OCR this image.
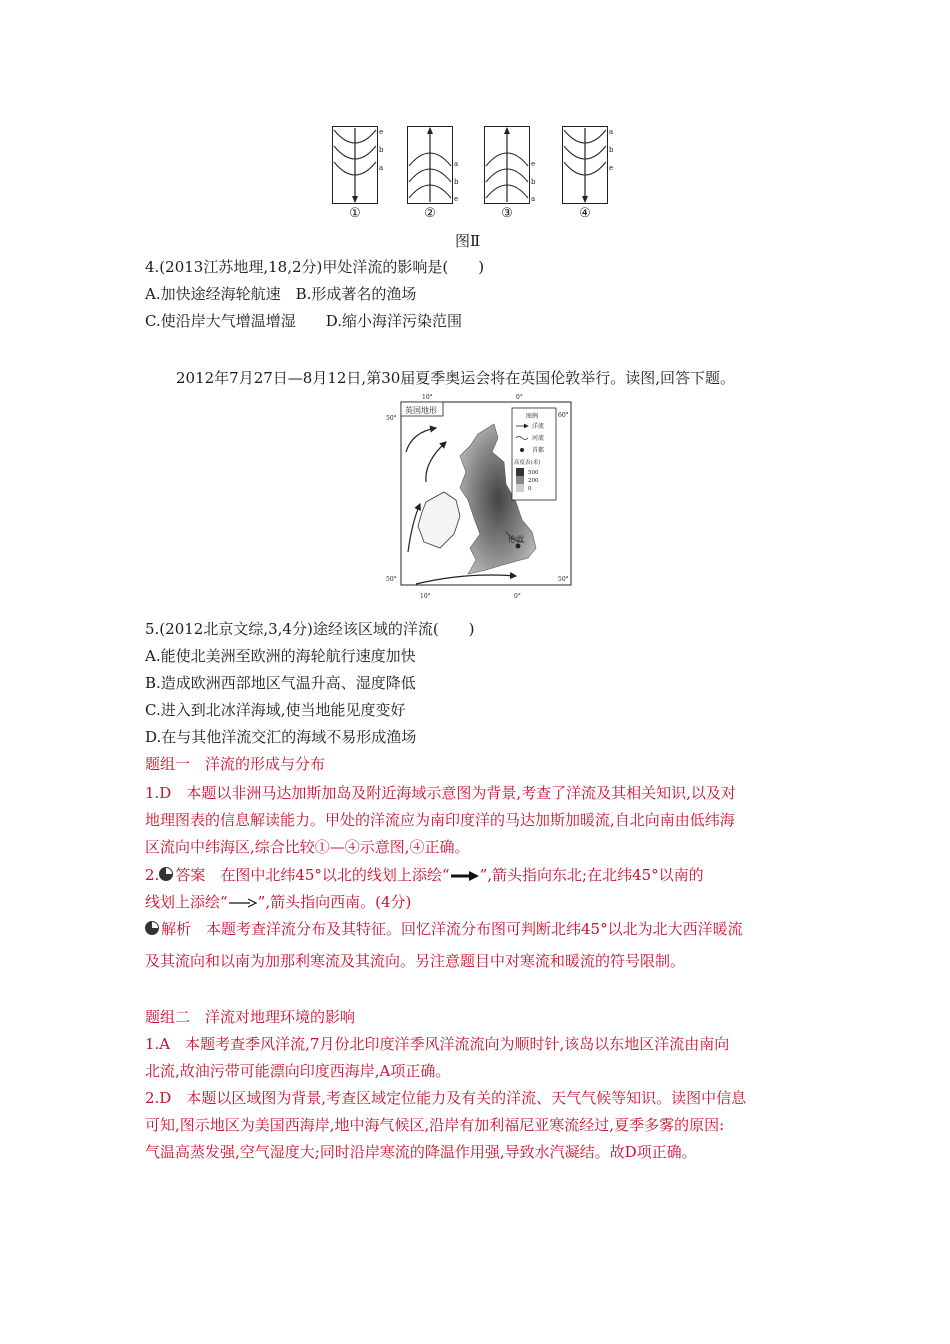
e
b
a
①
a
b
e
②
e
b
a
③
a
b
e
④
图Ⅱ
4.(2013江苏地理,18,2分)甲处洋流的影响是(　　)
A.加快途经海轮航速　B.形成著名的渔场
C.使沿岸大气增温增湿　　D.缩小海洋污染范围
2012年7月27日—8月12日,第30届夏季奥运会将在英国伦敦举行。读图,回答下题。
伦敦
英国地形
图例
洋流
河流
首都
高度表(米)
500
200
0
60°
50°
50°	50°
10°	0°
10°	0°
5.(2012北京文综,3,4分)途经该区域的洋流(　　)
A.能使北美洲至欧洲的海轮航行速度加快
B.造成欧洲西部地区气温升高、湿度降低
C.进入到北冰洋海域,使当地能见度变好
D.在与其他洋流交汇的海域不易形成渔场
题组一　洋流的形成与分布
1.D　本题以非洲马达加斯加岛及附近海域示意图为背景,考查了洋流及其相关知识,以及对
地理图表的信息解读能力。甲处的洋流应为南印度洋的马达加斯加暖流,自北向南由低纬海
区流向中纬海区,综合比较①—④示意图,④正确。
2. 答案　在图中北纬45°以北的线划上添绘“ ”,箭头指向东北;在北纬45°以南的
线划上添绘“ ”,箭头指向西南。(4分)
解析　本题考查洋流分布及其特征。回忆洋流分布图可判断北纬45°以北为北大西洋暖流
及其流向和以南为加那利寒流及其流向。另注意题目中对寒流和暖流的符号限制。
题组二　洋流对地理环境的影响
1.A　本题考查季风洋流,7月份北印度洋季风洋流流向为顺时针,该岛以东地区洋流由南向
北流,故油污带可能漂向印度西海岸,A项正确。
2.D　本题以区域图为背景,考查区域定位能力及有关的洋流、天气气候等知识。读图中信息
可知,图示地区为美国西海岸,地中海气候区,沿岸有加利福尼亚寒流经过,夏季多雾的原因:
气温高蒸发强,空气湿度大;同时沿岸寒流的降温作用强,导致水汽凝结。故D项正确。
